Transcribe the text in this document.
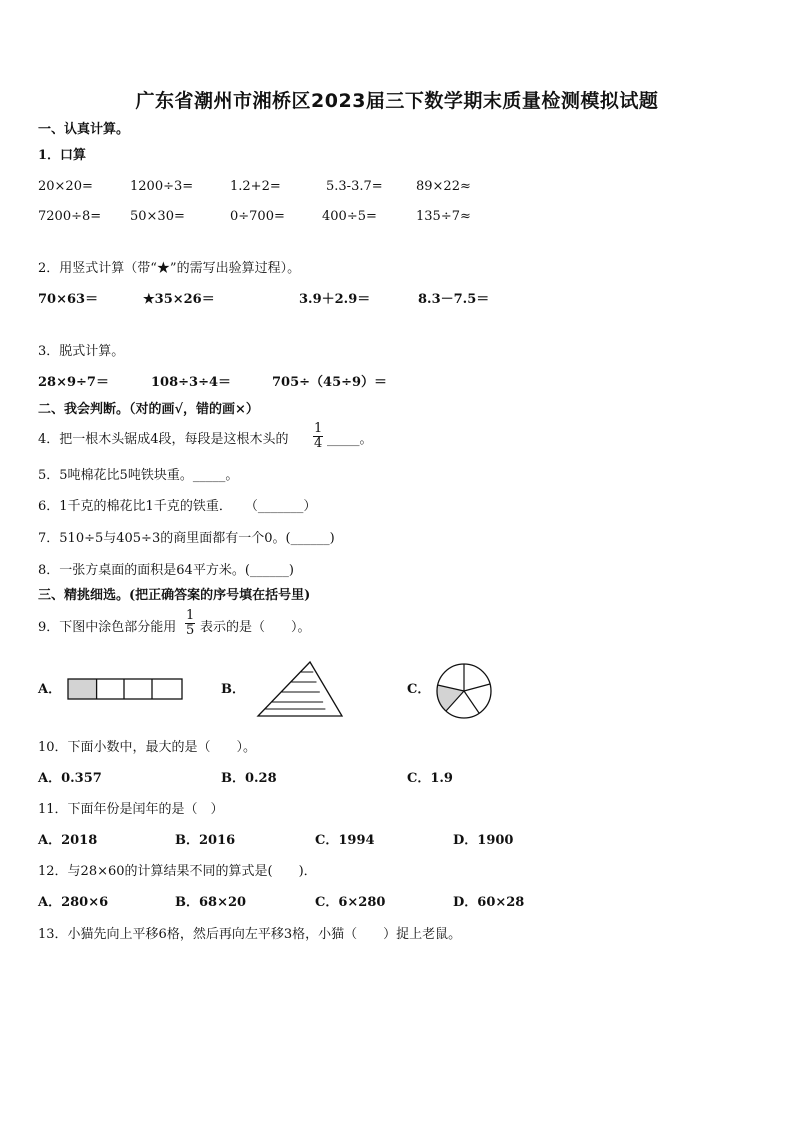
广东省潮州市湘桥区2023届三下数学期末质量检测模拟试题
一、认真计算。
1．口算
20×20=	1200÷3=	1.2+2=	5.3-3.7=	89×22≈
7200÷8= 50×30=	0÷700=	400÷5=	135÷7≈
2．用竖式计算（带“★”的需写出验算过程）。
70×63＝	★35×26＝	3.9＋2.9＝	8.3－7.5＝
3．脱式计算。
28×9÷7＝	108÷3÷4＝	705÷（45÷9）＝
二、我会判断。（对的画√，错的画×）
4．把一根木头锯成4段，每段是这根木头的 $\frac{1}{4}$ _____。
5．5吨棉花比5吨铁块重。_____。
6．1千克的棉花比1千克的铁重．　　（_______）
7．510÷5与405÷3的商里面都有一个0。(______)
8．一张方桌面的面积是64平方米。(______)
三、精挑细选。(把正确答案的序号填在括号里)
9．下图中涂色部分能用 $\frac{1}{5}$ 表示的是（　　）。
A．	B．	C．
10．下面小数中，最大的是（　　）。
A．0.357	B．0.28	C．1.9
11．下面年份是闰年的是（　）
A．2018	B．2016	C．1994	D．1900
12．与28×60的计算结果不同的算式是(　　)．
A．280×6	B．68×20	C．6×280	D．60×28
13．小猫先向上平移6格，然后再向左平移3格，小猫（　　）捉上老鼠。
